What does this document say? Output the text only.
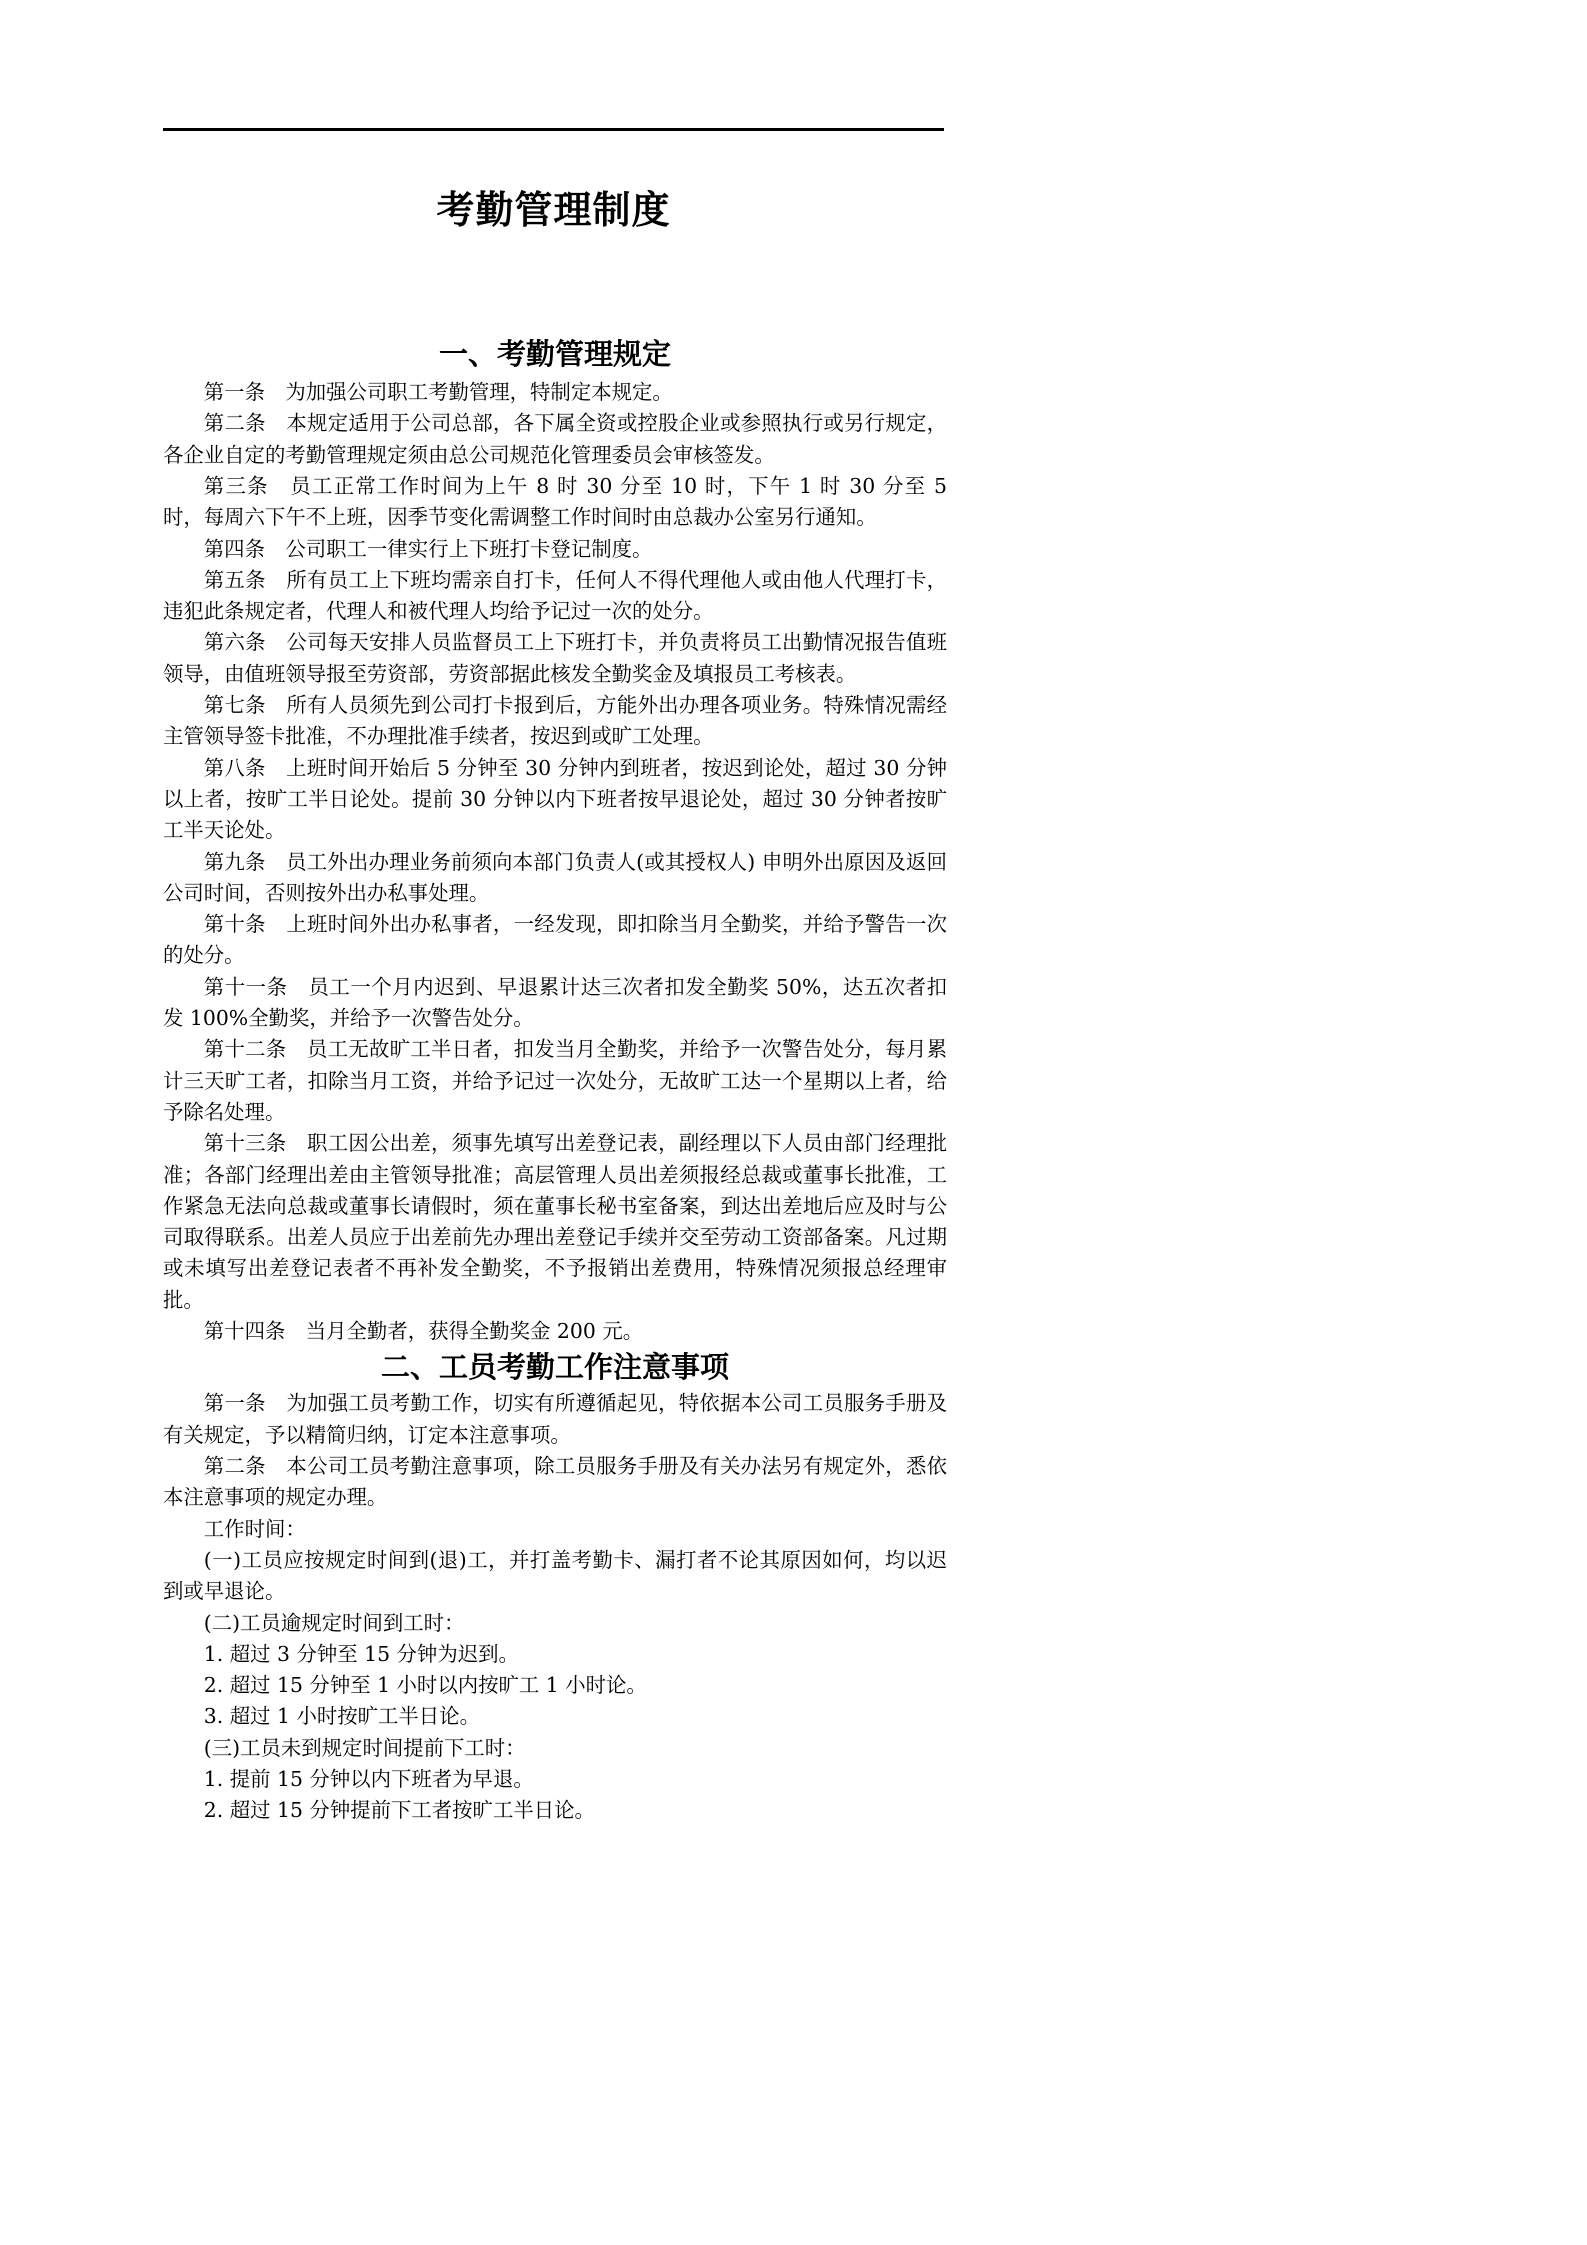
考勤管理制度
一、考勤管理规定

第一条　为加强公司职工考勤管理，特制定本规定。

第二条　本规定适用于公司总部，各下属全资或控股企业或参照执行或另行规定，各企业自定的考勤管理规定须由总公司规范化管理委员会审核签发。

第三条　员工正常工作时间为上午 8 时 30 分至 10 时，下午 1 时 30 分至 5 时，每周六下午不上班，因季节变化需调整工作时间时由总裁办公室另行通知。

第四条　公司职工一律实行上下班打卡登记制度。

第五条　所有员工上下班均需亲自打卡，任何人不得代理他人或由他人代理打卡，违犯此条规定者，代理人和被代理人均给予记过一次的处分。

第六条　公司每天安排人员监督员工上下班打卡，并负责将员工出勤情况报告值班领导，由值班领导报至劳资部，劳资部据此核发全勤奖金及填报员工考核表。

第七条　所有人员须先到公司打卡报到后，方能外出办理各项业务。特殊情况需经主管领导签卡批准，不办理批准手续者，按迟到或旷工处理。

第八条　上班时间开始后 5 分钟至 30 分钟内到班者，按迟到论处，超过 30 分钟以上者，按旷工半日论处。提前 30 分钟以内下班者按早退论处，超过 30 分钟者按旷工半天论处。

第九条　员工外出办理业务前须向本部门负责人(或其授权人) 申明外出原因及返回公司时间，否则按外出办私事处理。

第十条　上班时间外出办私事者，一经发现，即扣除当月全勤奖，并给予警告一次的处分。

第十一条　员工一个月内迟到、早退累计达三次者扣发全勤奖 50%，达五次者扣发 100%全勤奖，并给予一次警告处分。

第十二条　员工无故旷工半日者，扣发当月全勤奖，并给予一次警告处分，每月累计三天旷工者，扣除当月工资，并给予记过一次处分，无故旷工达一个星期以上者，给予除名处理。

第十三条　职工因公出差，须事先填写出差登记表，副经理以下人员由部门经理批准；各部门经理出差由主管领导批准；高层管理人员出差须报经总裁或董事长批准，工作紧急无法向总裁或董事长请假时，须在董事长秘书室备案，到达出差地后应及时与公司取得联系。出差人员应于出差前先办理出差登记手续并交至劳动工资部备案。凡过期或未填写出差登记表者不再补发全勤奖，不予报销出差费用，特殊情况须报总经理审批。

第十四条　当月全勤者，获得全勤奖金 200 元。

二、工员考勤工作注意事项

第一条　为加强工员考勤工作，切实有所遵循起见，特依据本公司工员服务手册及有关规定，予以精简归纳，订定本注意事项。

第二条　本公司工员考勤注意事项，除工员服务手册及有关办法另有规定外，悉依本注意事项的规定办理。

工作时间：

(一)工员应按规定时间到(退)工，并打盖考勤卡、漏打者不论其原因如何，均以迟到或早退论。

(二)工员逾规定时间到工时：

1. 超过 3 分钟至 15 分钟为迟到。

2. 超过 15 分钟至 1 小时以内按旷工 1 小时论。

3. 超过 1 小时按旷工半日论。

(三)工员未到规定时间提前下工时：

1. 提前 15 分钟以内下班者为早退。

2. 超过 15 分钟提前下工者按旷工半日论。
